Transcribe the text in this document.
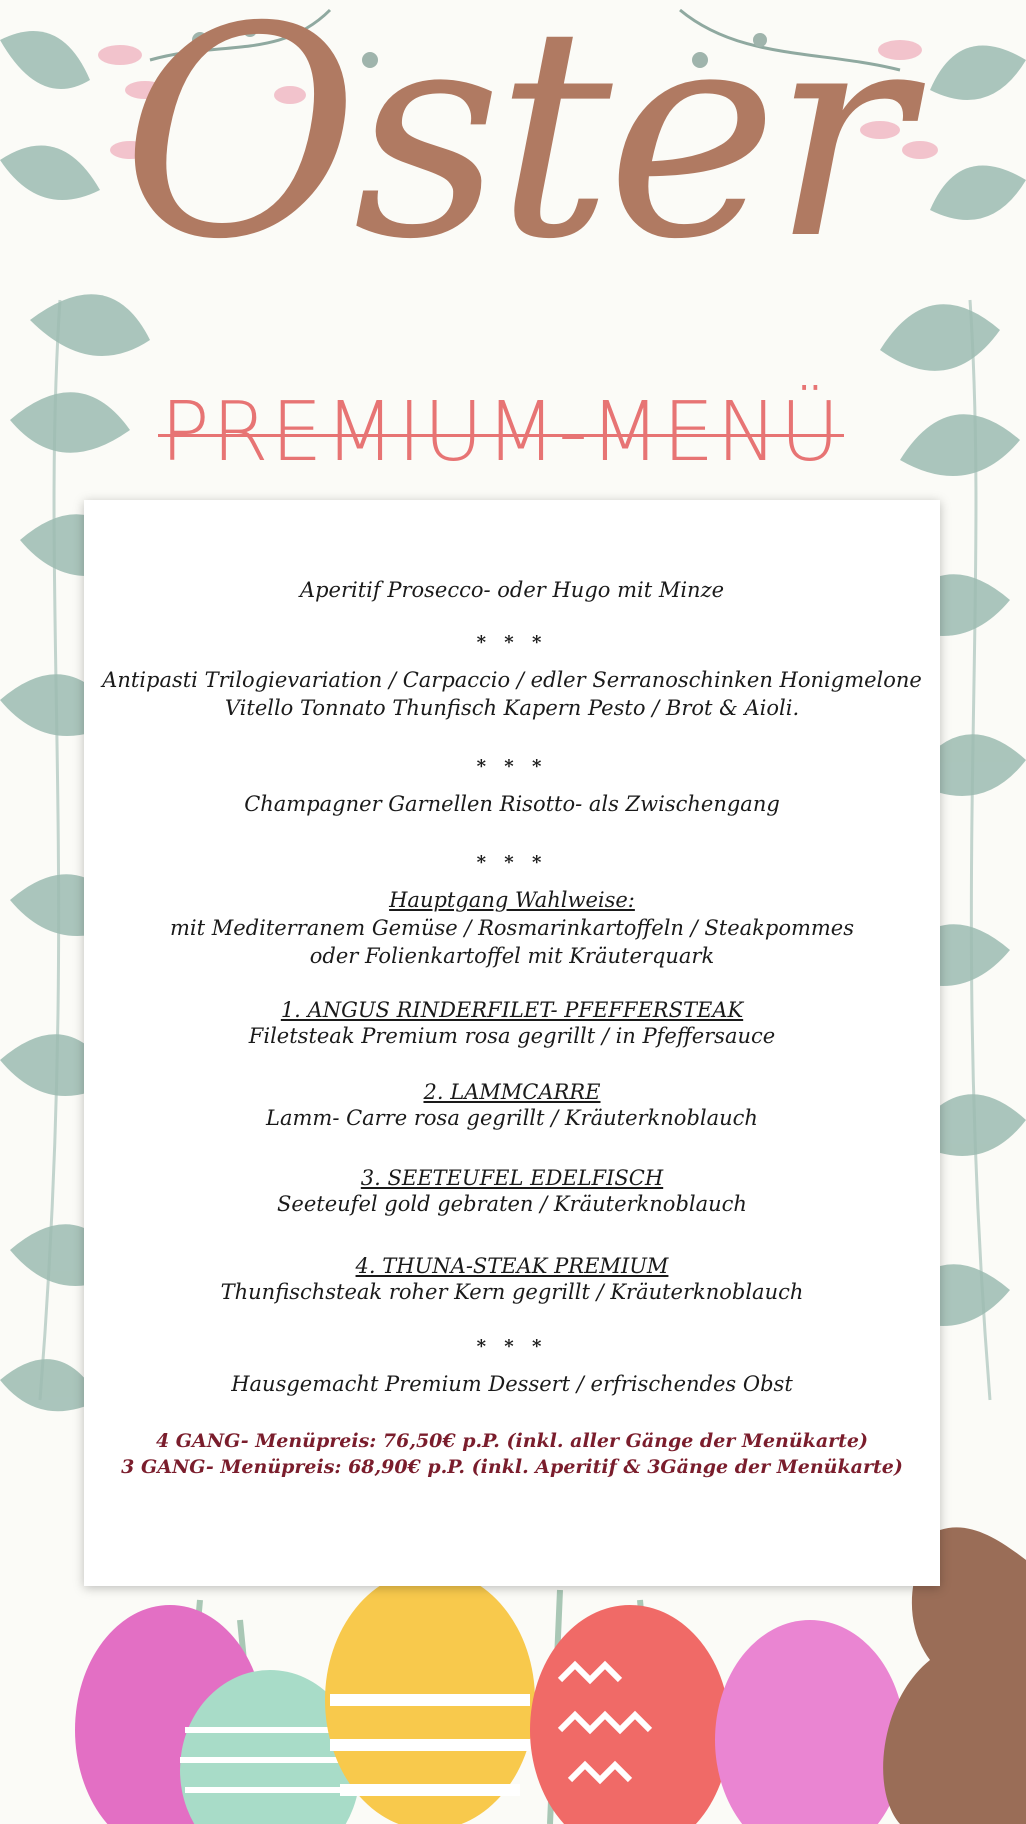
Oster
PREMIUM-MENÜ
Aperitif Prosecco- oder Hugo mit Minze
* * *
Antipasti Trilogievariation / Carpaccio / edler Serranoschinken Honigmelone
Vitello Tonnato Thunfisch Kapern Pesto / Brot & Aioli.
* * *
Champagner Garnellen Risotto- als Zwischengang
* * *
Hauptgang Wahlweise:
mit Mediterranem Gemüse / Rosmarinkartoffeln / Steakpommes
oder Folienkartoffel mit Kräuterquark
1. ANGUS RINDERFILET- PFEFFERSTEAK
Filetsteak Premium rosa gegrillt / in Pfeffersauce
2. LAMMCARRE
Lamm- Carre rosa gegrillt / Kräuterknoblauch
3. SEETEUFEL EDELFISCH
Seeteufel gold gebraten / Kräuterknoblauch
4. THUNA-STEAK PREMIUM
Thunfischsteak roher Kern gegrillt / Kräuterknoblauch
* * *
Hausgemacht Premium Dessert / erfrischendes Obst
4 GANG- Menüpreis: 76,50€ p.P. (inkl. aller Gänge der Menükarte)
3 GANG- Menüpreis: 68,90€ p.P. (inkl. Aperitif & 3Gänge der Menükarte)
